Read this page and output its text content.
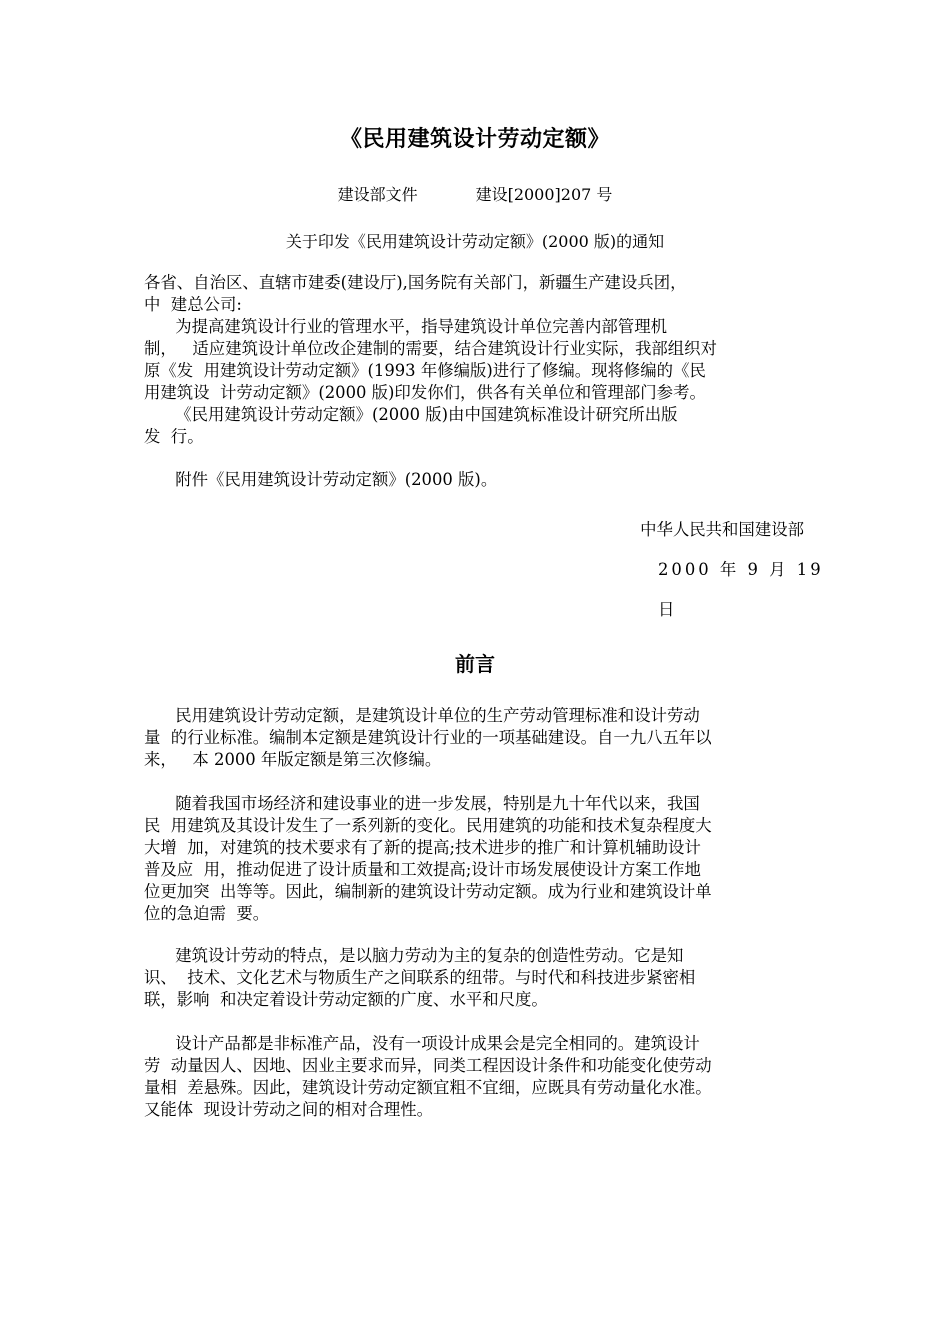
《民用建筑设计劳动定额》
建设部文件	建设[2000]207 号
关于印发《民用建筑设计劳动定额》(2000 版)的通知
各省、自治区、直辖市建委(建设厅),国务院有关部门，新疆生产建设兵团，
中  建总公司:
为提高建筑设计行业的管理水平，指导建筑设计单位完善内部管理机
制，   适应建筑设计单位改企建制的需要，结合建筑设计行业实际，我部组织对
原《发  用建筑设计劳动定额》(1993 年修编版)进行了修编。现将修编的《民
用建筑设  计劳动定额》(2000 版)印发你们，供各有关单位和管理部门参考。
《民用建筑设计劳动定额》(2000 版)由中国建筑标准设计研究所出版
发  行。
附件《民用建筑设计劳动定额》(2000 版)。
中华人民共和国建设部
2000 年 9 月 19
日
前言
民用建筑设计劳动定额，是建筑设计单位的生产劳动管理标准和设计劳动
量  的行业标准。编制本定额是建筑设计行业的一项基础建设。自一九八五年以
来，   本 2000 年版定额是第三次修编。
随着我国市场经济和建设事业的进一步发展，特别是九十年代以来，我国
民  用建筑及其设计发生了一系列新的变化。民用建筑的功能和技术复杂程度大
大增  加，对建筑的技术要求有了新的提高;技术进步的推广和计算机辅助设计
普及应  用，推动促进了设计质量和工效提高;设计市场发展使设计方案工作地
位更加突  出等等。因此，编制新的建筑设计劳动定额。成为行业和建筑设计单
位的急迫需  要。
建筑设计劳动的特点，是以脑力劳动为主的复杂的创造性劳动。它是知
识、  技术、文化艺术与物质生产之间联系的纽带。与时代和科技进步紧密相
联，影响  和决定着设计劳动定额的广度、水平和尺度。
设计产品都是非标准产品，没有一项设计成果会是完全相同的。建筑设计
劳  动量因人、因地、因业主要求而异，同类工程因设计条件和功能变化使劳动
量相  差悬殊。因此，建筑设计劳动定额宜粗不宜细，应既具有劳动量化水准。
又能体  现设计劳动之间的相对合理性。
